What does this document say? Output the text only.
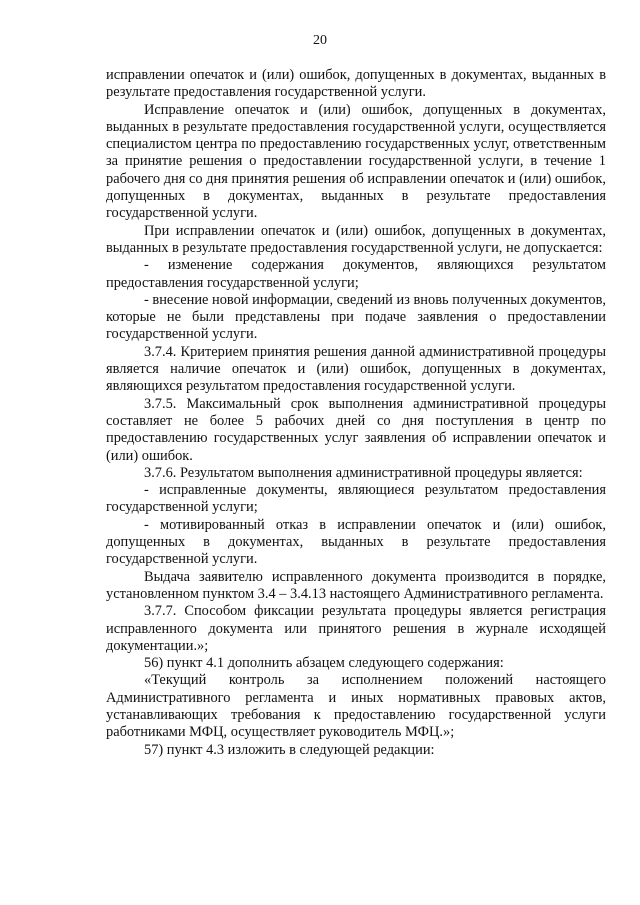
20

исправлении опечаток и (или) ошибок, допущенных в документах, выданных в результате предоставления государственной услуги.

Исправление опечаток и (или) ошибок, допущенных в документах, выданных в результате предоставления государственной услуги, осуществляется специалистом центра по предоставлению государственных услуг, ответственным за принятие решения о предоставлении государственной услуги, в течение 1 рабочего дня со дня принятия решения об исправлении опечаток и (или) ошибок, допущенных в документах, выданных в результате предоставления государственной услуги.

При исправлении опечаток и (или) ошибок, допущенных в документах, выданных в результате предоставления государственной услуги, не допускается:

- изменение содержания документов, являющихся результатом предоставления государственной услуги;

- внесение новой информации, сведений из вновь полученных документов, которые не были представлены при подаче заявления о предоставлении государственной услуги.

3.7.4. Критерием принятия решения данной административной процедуры является наличие опечаток и (или) ошибок, допущенных в документах, являющихся результатом предоставления государственной услуги.

3.7.5. Максимальный срок выполнения административной процедуры составляет не более 5 рабочих дней со дня поступления в центр по предоставлению государственных услуг заявления об исправлении опечаток и (или) ошибок.

3.7.6. Результатом выполнения административной процедуры является:

- исправленные документы, являющиеся результатом предоставления государственной услуги;

- мотивированный отказ в исправлении опечаток и (или) ошибок, допущенных в документах, выданных в результате предоставления государственной услуги.

Выдача заявителю исправленного документа производится в порядке, установленном пунктом 3.4 – 3.4.13 настоящего Административного регламента.

3.7.7. Способом фиксации результата процедуры является регистрация исправленного документа или принятого решения в журнале исходящей документации.»;

56) пункт 4.1 дополнить абзацем следующего содержания:

«Текущий контроль за исполнением положений настоящего Административного регламента и иных нормативных правовых актов, устанавливающих требования к предоставлению государственной услуги работниками МФЦ, осуществляет руководитель МФЦ.»;

57) пункт 4.3 изложить в следующей редакции:
